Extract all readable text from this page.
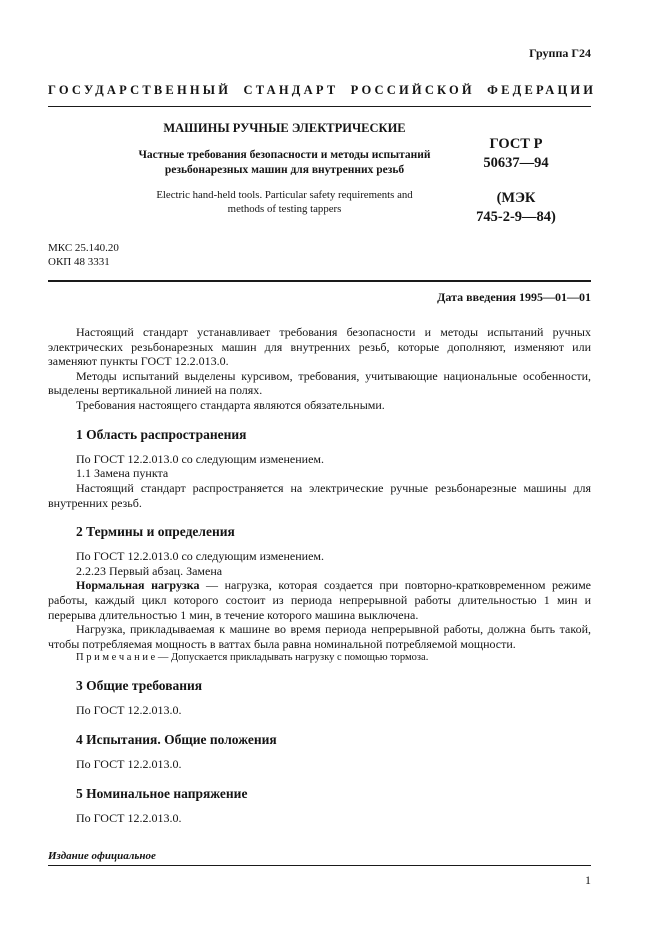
Группа Г24
ГОСУДАРСТВЕННЫЙ СТАНДАРТ РОССИЙСКОЙ ФЕДЕРАЦИИ
МАШИНЫ РУЧНЫЕ ЭЛЕКТРИЧЕСКИЕ
Частные требования безопасности и методы испытаний резьбонарезных машин для внутренних резьб
Electric hand-held tools. Particular safety requirements and methods of testing tappers
ГОСТ Р
50637—94
(МЭК
745-2-9—84)
МКС 25.140.20
ОКП 48 3331
Дата введения 1995—01—01

Настоящий стандарт устанавливает требования безопасности и методы испытаний ручных электрических резьбонарезных машин для внутренних резьб, которые дополняют, изменяют или заменяют пункты ГОСТ 12.2.013.0.

Методы испытаний выделены курсивом, требования, учитывающие национальные особенности, выделены вертикальной линией на полях.

Требования настоящего стандарта являются обязательными.

1 Область распространения

По ГОСТ 12.2.013.0 со следующим изменением.

1.1 Замена пункта

Настоящий стандарт распространяется на электрические ручные резьбонарезные машины для внутренних резьб.

2 Термины и определения

По ГОСТ 12.2.013.0 со следующим изменением.

2.2.23 Первый абзац. Замена

Нормальная нагрузка — нагрузка, которая создается при повторно-кратковременном режиме работы, каждый цикл которого состоит из периода непрерывной работы длительностью 1 мин и перерыва длительностью 1 мин, в течение которого машина выключена.

Нагрузка, прикладываемая к машине во время периода непрерывной работы, должна быть такой, чтобы потребляемая мощность в ваттах была равна номинальной потребляемой мощности.

П р и м е ч а н и е — Допускается прикладывать нагрузку с помощью тормоза.

3 Общие требования

По ГОСТ 12.2.013.0.

4 Испытания. Общие положения

По ГОСТ 12.2.013.0.

5 Номинальное напряжение

По ГОСТ 12.2.013.0.

Издание официальное
1
